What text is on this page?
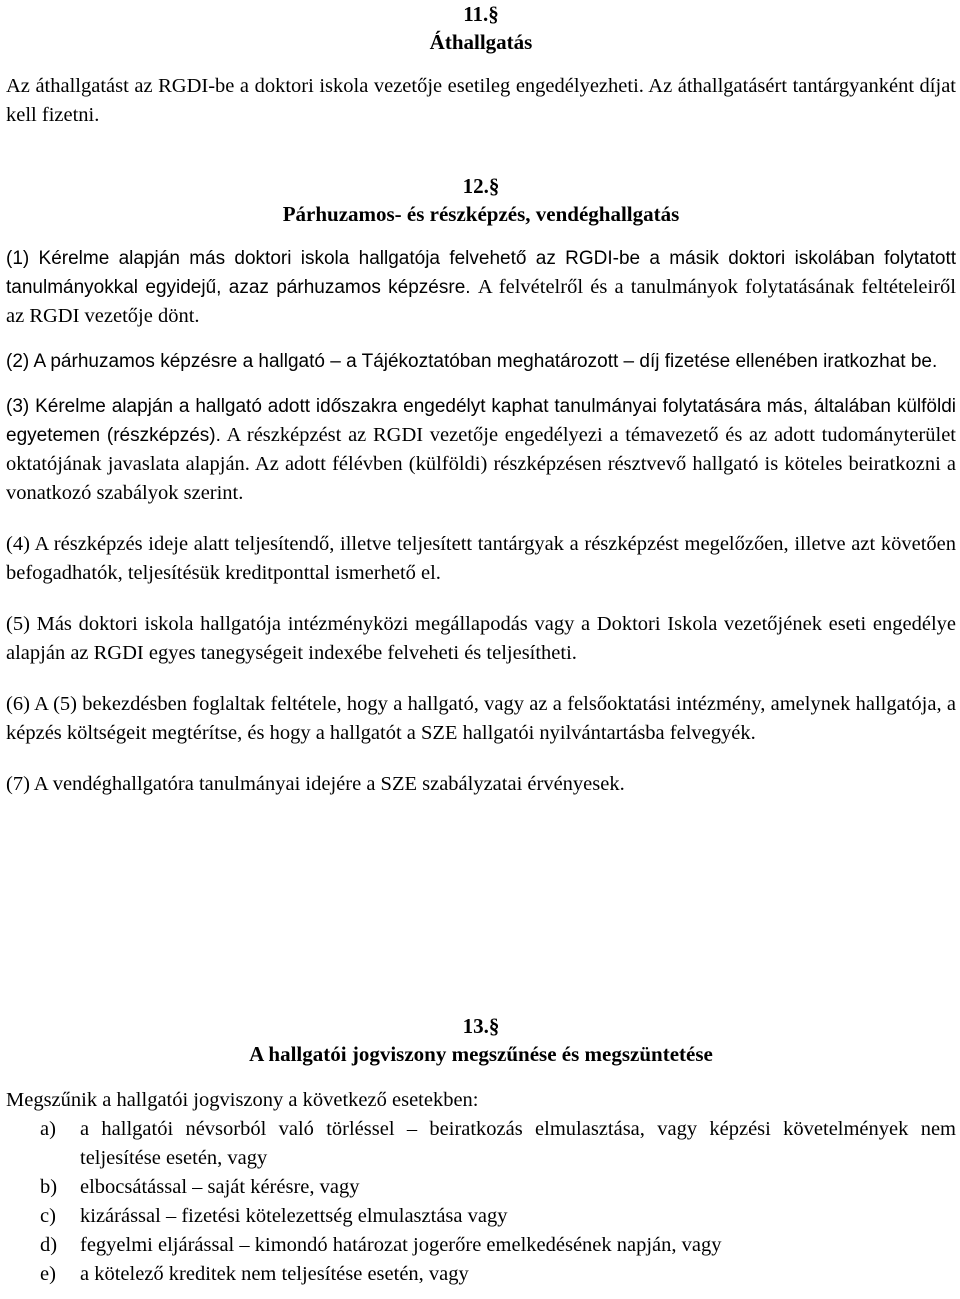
11.§
Áthallgatás

Az áthallgatást az RGDI-be a doktori iskola vezetője esetileg engedélyezheti. Az áthallgatásért tantárgyanként díjat kell fizetni.

12.§
Párhuzamos- és részképzés, vendéghallgatás

(1) Kérelme alapján más doktori iskola hallgatója felvehető az RGDI-be a másik doktori iskolában folytatott tanulmányokkal egyidejű, azaz párhuzamos képzésre. A felvételről és a tanulmányok folytatásának feltételeiről az RGDI vezetője dönt.

(2) A párhuzamos képzésre a hallgató – a Tájékoztatóban meghatározott – díj fizetése ellenében iratkozhat be.

(3) Kérelme alapján a hallgató adott időszakra engedélyt kaphat tanulmányai folytatására más, általában külföldi egyetemen (részképzés). A részképzést az RGDI vezetője engedélyezi a témavezető és az adott tudományterület oktatójának javaslata alapján. Az adott félévben (külföldi) részképzésen résztvevő hallgató is köteles beiratkozni a vonatkozó szabályok szerint.

(4) A részképzés ideje alatt teljesítendő, illetve teljesített tantárgyak a részképzést megelőzően, illetve azt követően befogadhatók, teljesítésük kreditponttal ismerhető el.

(5) Más doktori iskola hallgatója intézményközi megállapodás vagy a Doktori Iskola vezetőjének eseti engedélye alapján az RGDI egyes tanegységeit indexébe felveheti és teljesítheti.

(6) A (5) bekezdésben foglaltak feltétele, hogy a hallgató, vagy az a felsőoktatási intézmény, amelynek hallgatója, a képzés költségeit megtérítse, és hogy a hallgatót a SZE hallgatói nyilvántartásba felvegyék.

(7) A vendéghallgatóra tanulmányai idejére a SZE szabályzatai érvényesek.

13.§
A hallgatói jogviszony megszűnése és megszüntetése

Megszűnik a hallgatói jogviszony a következő esetekben:

a) a hallgatói névsorból való törléssel – beiratkozás elmulasztása, vagy képzési követelmények nem teljesítése esetén, vagy
b) elbocsátással – saját kérésre, vagy
c) kizárással – fizetési kötelezettség elmulasztása vagy
d) fegyelmi eljárással – kimondó határozat jogerőre emelkedésének napján, vagy
e) a kötelező kreditek nem teljesítése esetén, vagy
